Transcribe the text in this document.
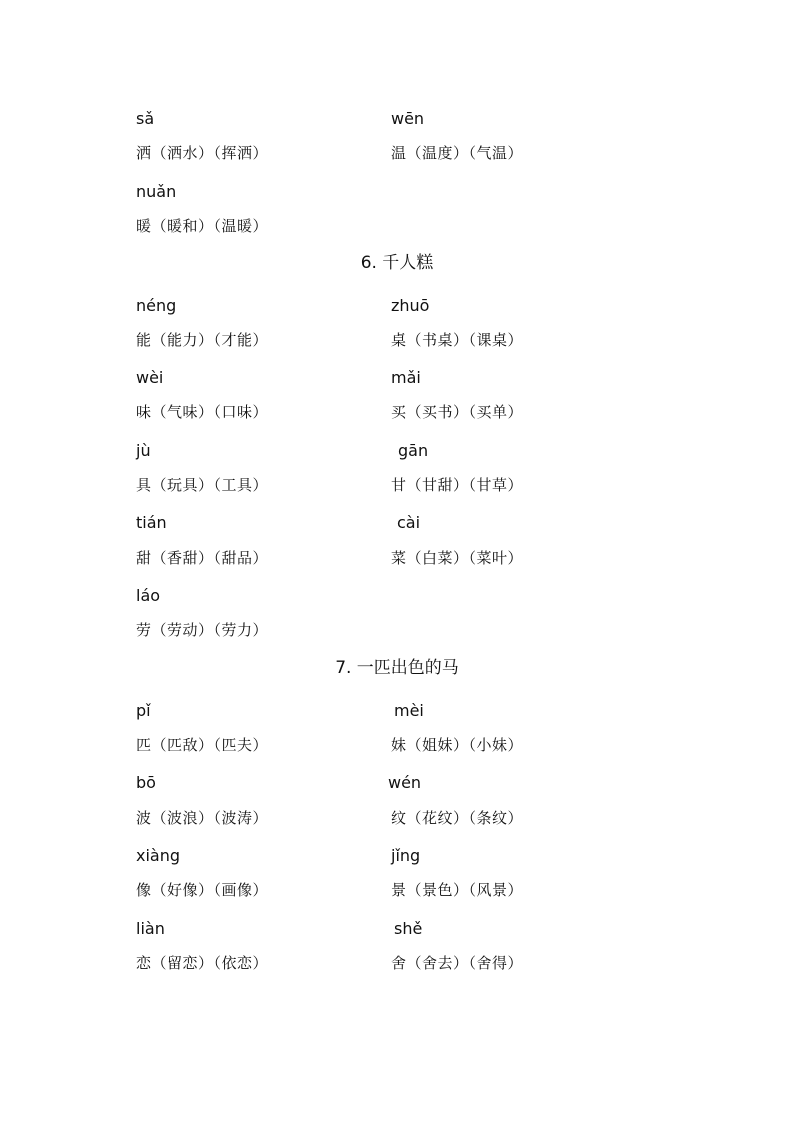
sǎ	wēn
洒（洒水）（挥洒）	温（温度）（气温）
nuǎn
暖（暖和）（温暖）
6. 千人糕
néng	zhuō
能（能力）（才能）	桌（书桌）（课桌）
wèi	mǎi
味（气味）（口味）	买（买书）（买单）
jù	gān
具（玩具）（工具）	甘（甘甜）（甘草）
tián	cài
甜（香甜）（甜品）	菜（白菜）（菜叶）
láo
劳（劳动）（劳力）
7. 一匹出色的马
pǐ	mèi
匹（匹敌）（匹夫）	妹（姐妹）（小妹）
bō	wén
波（波浪）（波涛）	纹（花纹）（条纹）
xiàng	jǐng
像（好像）（画像）	景（景色）（风景）
liàn	shě
恋（留恋）（依恋）	舍（舍去）（舍得）
